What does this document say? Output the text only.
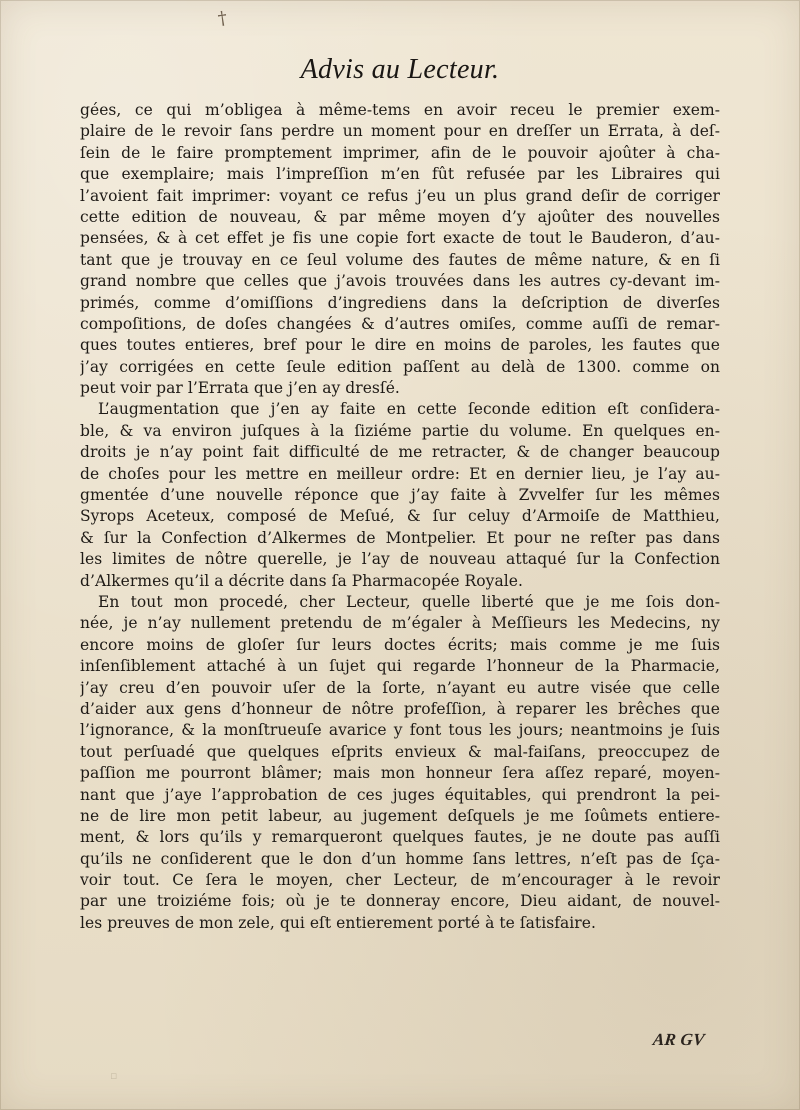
†
Advis au Lecteur.
gées, ce qui m’obligea à même-tems en avoir receu le premier exem-
plaire de le revoir ſans perdre un moment pour en dreſſer un Errata, à deſ-
ſein de le faire promptement imprimer, afin de le pouvoir ajoûter à cha-
que exemplaire; mais l’impreſſion m’en fût refusée par les Libraires qui
l’avoient fait imprimer: voyant ce refus j’eu un plus grand deſir de corriger
cette edition de nouveau, & par même moyen d’y ajoûter des nouvelles
pensées, & à cet effet je fis une copie fort exacte de tout le Bauderon, d’au-
tant que je trouvay en ce ſeul volume des fautes de même nature, & en ſi
grand nombre que celles que j’avois trouvées dans les autres cy-devant im-
primés, comme d’omiſſions d’ingrediens dans la deſcription de diverſes
compoſitions, de doſes changées & d’autres omiſes, comme auſſi de remar-
ques toutes entieres, bref pour le dire en moins de paroles, les fautes que
j’ay corrigées en cette ſeule edition paſſent au delà de 1300. comme on
peut voir par l’Errata que j’en ay dresſé.
L’augmentation que j’en ay faite en cette ſeconde edition eſt conſidera-
ble, & va environ juſques à la ſiziéme partie du volume. En quelques en-
droits je n’ay point fait difficulté de me retracter, & de changer beaucoup
de choſes pour les mettre en meilleur ordre: Et en dernier lieu, je l’ay au-
gmentée d’une nouvelle réponce que j’ay faite à Zvvelfer ſur les mêmes
Syrops Aceteux, composé de Meſué, & ſur celuy d’Armoiſe de Matthieu,
& ſur la Confection d’Alkermes de Montpelier. Et pour ne reſter pas dans
les limites de nôtre querelle, je l’ay de nouveau attaqué ſur la Confection
d’Alkermes qu’il a décrite dans ſa Pharmacopée Royale.
En tout mon procedé, cher Lecteur, quelle liberté que je me ſois don-
née, je n’ay nullement pretendu de m’égaler à Meſſieurs les Medecins, ny
encore moins de gloſer ſur leurs doctes écrits; mais comme je me ſuis
inſenſiblement attaché à un ſujet qui regarde l’honneur de la Pharmacie,
j’ay creu d’en pouvoir uſer de la ſorte, n’ayant eu autre visée que celle
d’aider aux gens d’honneur de nôtre profeſſion, à reparer les brêches que
l’ignorance, & la monſtrueuſe avarice y font tous les jours; neantmoins je ſuis
tout perſuadé que quelques eſprits envieux & mal-faiſans, preoccupez de
paſſion me pourront blâmer; mais mon honneur ſera aſſez reparé, moyen-
nant que j’aye l’approbation de ces juges équitables, qui prendront la pei-
ne de lire mon petit labeur, au jugement deſquels je me ſoûmets entiere-
ment, & lors qu’ils y remarqueront quelques fautes, je ne doute pas auſſi
qu’ils ne conſiderent que le don d’un homme ſans lettres, n’eſt pas de ſça-
voir tout. Ce ſera le moyen, cher Lecteur, de m’encourager à le revoir
par une troiziéme fois; où je te donneray encore, Dieu aidant, de nouvel-
les preuves de mon zele, qui eſt entierement porté à te ſatisfaire.
AR GV
▫
